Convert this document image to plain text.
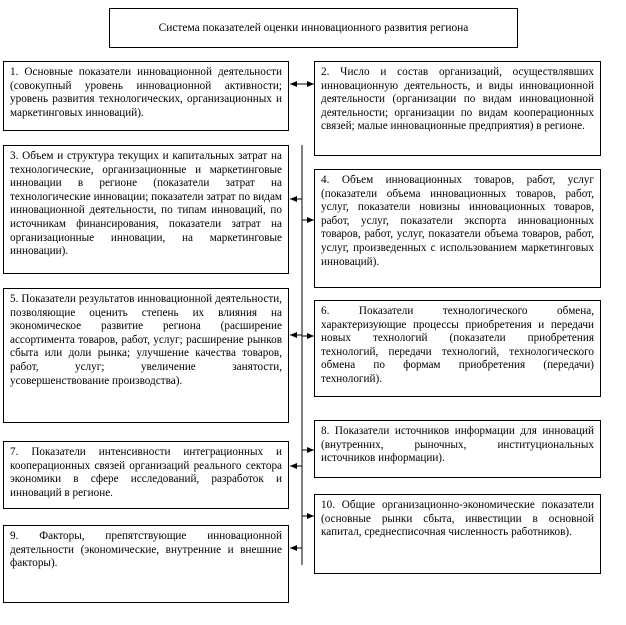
Система показателей оценки инновационного развития региона
1. Основные показатели инновационной деятельности (совокупный уровень инновационной активности; уровень развития технологических, организационных и маркетинговых инноваций).
2. Число и состав организаций, осуществлявших инновационную деятельность, и виды инновационной деятельности (организации по видам инновационной деятельности; организации по видам кооперационных связей; малые инновационные предприятия) в регионе.
3. Объем и структура текущих и капитальных затрат на технологические, организационные и маркетинговые инновации в регионе (показатели затрат на технологические инновации; показатели затрат по видам инновационной деятельности, по типам инноваций, по источникам финансирования, показатели затрат на организационные инновации, на маркетинговые инновации).
4. Объем инновационных товаров, работ, услуг (показатели объема инновационных товаров, работ, услуг, показатели новизны инновационных товаров, работ, услуг, показатели экспорта инновационных товаров, работ, услуг, показатели объема товаров, работ, услуг, произведенных с использованием маркетинговых инноваций).
5. Показатели результатов инновационной деятельности, позволяющие оценить степень их влияния на экономическое развитие региона (расширение ассортимента товаров, работ, услуг; расширение рынков сбыта или доли рынка; улучшение качества товаров, работ, услуг; увеличение занятости, усовершенствование производства).
6. Показатели технологического обмена, характеризующие процессы приобретения и передачи новых технологий (показатели приобретения технологий, передачи технологий, технологического обмена по формам приобретения (передачи) технологий).
7. Показатели интенсивности интеграционных и кооперационных связей организаций реального сектора экономики в сфере исследований, разработок и инноваций в регионе.
8. Показатели источников информации для инноваций (внутренних, рыночных, институциональных источников информации).
9. Факторы, препятствующие инновационной деятельности (экономические, внутренние и внешние факторы).
10. Общие организационно-экономические показатели (основные рынки сбыта, инвестиции в основной капитал, среднесписочная численность работников).
